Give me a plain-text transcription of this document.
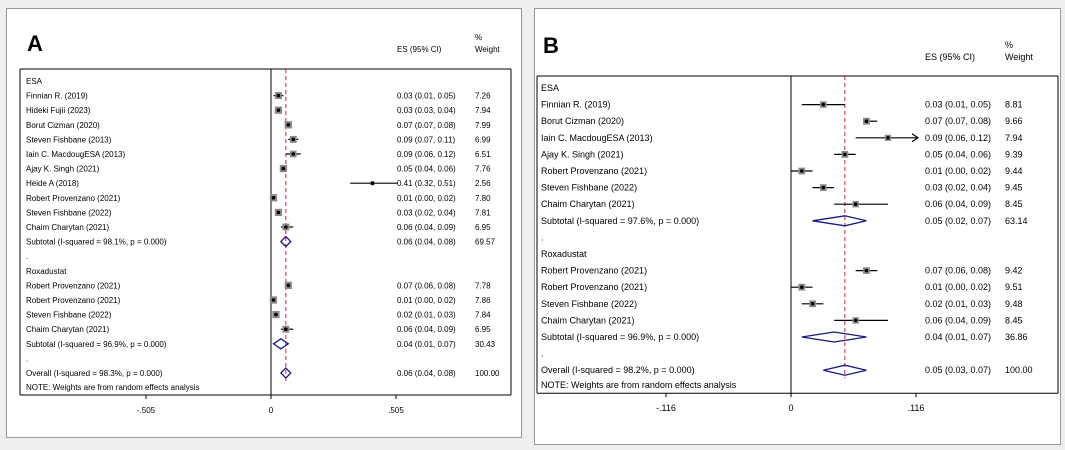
A	ES (95% CI)
%
Weight
ESA
Finnian R. (2019)	0.03 (0.01, 0.05) 7.26
Hideki Fujii (2023)	0.03 (0.03, 0.04) 7.94
Borut Cizman (2020)	0.07 (0.07, 0.08) 7.99
Steven Fishbane (2013)	0.09 (0.07, 0.11) 6.99
Iain C. MacdougESA (2013)	0.09 (0.06, 0.12) 6.51
Ajay K. Singh (2021)	0.05 (0.04, 0.06) 7.76
Heide A (2018)	0.41 (0.32, 0.51) 2.56
Robert Provenzano (2021)	0.01 (0.00, 0.02) 7.80
Steven Fishbane (2022)	0.03 (0.02, 0.04) 7.81
Chaim Charytan (2021)	0.06 (0.04, 0.09) 6.95
Subtotal (I-squared = 98.1%, p = 0.000)	0.06 (0.04, 0.08) 69.57
.
Roxadustat
Robert Provenzano (2021)	0.07 (0.06, 0.08) 7.78
Robert Provenzano (2021)	0.01 (0.00, 0.02) 7.86
Steven Fishbane (2022)	0.02 (0.01, 0.03) 7.84
Chaim Charytan (2021)	0.06 (0.04, 0.09) 6.95
Subtotal (I-squared = 96.9%, p = 0.000)	0.04 (0.01, 0.07) 30.43
.
Overall (I-squared = 98.3%, p = 0.000)	0.06 (0.04, 0.08) 100.00
NOTE: Weights are from random effects analysis
-.505	0	.505
B	ES (95% CI)
%
Weight
ESA
Finnian R. (2019)	0.03 (0.01, 0.05) 8.81
Borut Cizman (2020)	0.07 (0.07, 0.08) 9.66
Iain C. MacdougESA (2013)	0.09 (0.06, 0.12) 7.94
Ajay K. Singh (2021)	0.05 (0.04, 0.06) 9.39
Robert Provenzano (2021)	0.01 (0.00, 0.02) 9.44
Steven Fishbane (2022)	0.03 (0.02, 0.04) 9.45
Chaim Charytan (2021)	0.06 (0.04, 0.09) 8.45
Subtotal (I-squared = 97.6%, p = 0.000)	0.05 (0.02, 0.07) 63.14
.
Roxadustat
Robert Provenzano (2021)	0.07 (0.06, 0.08) 9.42
Robert Provenzano (2021)	0.01 (0.00, 0.02) 9.51
Steven Fishbane (2022)	0.02 (0.01, 0.03) 9.48
Chaim Charytan (2021)	0.06 (0.04, 0.09) 8.45
Subtotal (I-squared = 96.9%, p = 0.000)	0.04 (0.01, 0.07) 36.86
.
Overall (I-squared = 98.2%, p = 0.000)	0.05 (0.03, 0.07) 100.00
NOTE: Weights are from random effects analysis
-.116	0	.116
